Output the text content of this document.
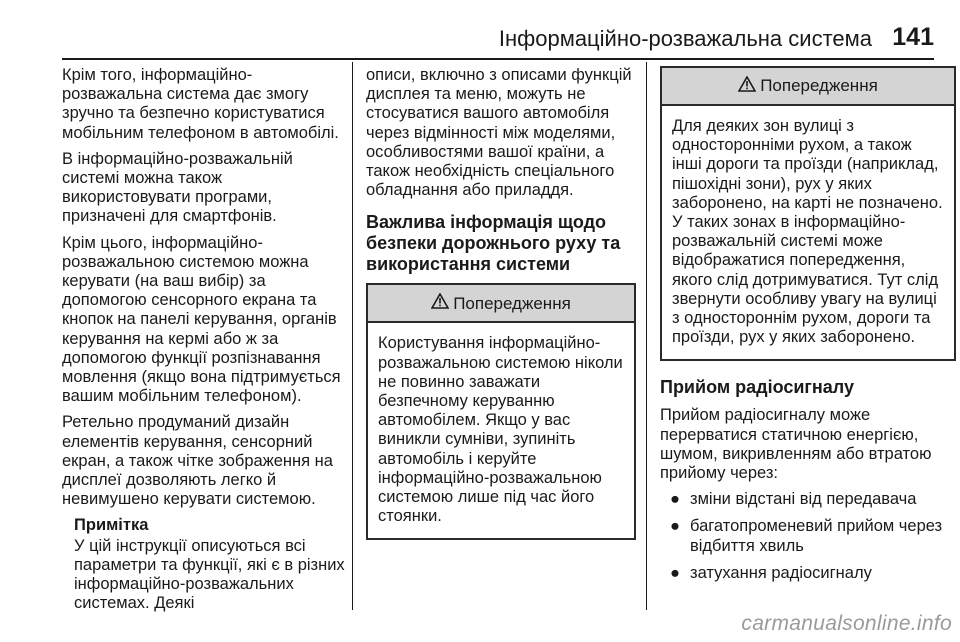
Інформаційно-розважальна система 141

Крім того, інформаційно-розважальна система дає змогу зручно та безпечно користуватися мобільним телефоном в автомобілі.

В інформаційно-розважальній системі можна також використовувати програми, призначені для смартфонів.

Крім цього, інформаційно-розважальною системою можна керувати (на ваш вибір) за допомогою сенсорного екрана та кнопок на панелі керування, органів керування на кермі або ж за допомогою функції розпізнавання мовлення (якщо вона підтримується вашим мобільним телефоном).

Ретельно продуманий дизайн елементів керування, сенсорний екран, а також чітке зображення на дисплеї дозволяють легко й невимушено керувати системою.

Примітка
У цій інструкції описуються всі параметри та функції, які є в різних інформаційно-розважальних системах. Деякі

описи, включно з описами функцій дисплея та меню, можуть не стосуватися вашого автомобіля через відмінності між моделями, особливостями вашої країни, а також необхідність спеціального обладнання або приладдя.

Важлива інформація щодо безпеки дорожнього руху та використання системи
Попередження
Користування інформаційно-розважальною системою ніколи не повинно заважати безпечному керуванню автомобілем. Якщо у вас виникли сумніви, зупиніть автомобіль і керуйте інформаційно-розважальною системою лише під час його стоянки.
Попередження
Для деяких зон вулиці з односторонніми рухом, а також інші дороги та проїзди (наприклад, пішохідні зони), рух у яких заборонено, на карті не позначено. У таких зонах в інформаційно-розважальній системі може відображатися попередження, якого слід дотримуватися. Тут слід звернути особливу увагу на вулиці з одностороннім рухом, дороги та проїзди, рух у яких заборонено.
Прийом радіосигналу

Прийом радіосигналу може перерватися статичною енергією, шумом, викривленням або втратою прийому через:

● зміни відстані від передавача
● багатопроменевий прийом через відбиття хвиль
● затухання радіосигналу
carmanualsonline.info
